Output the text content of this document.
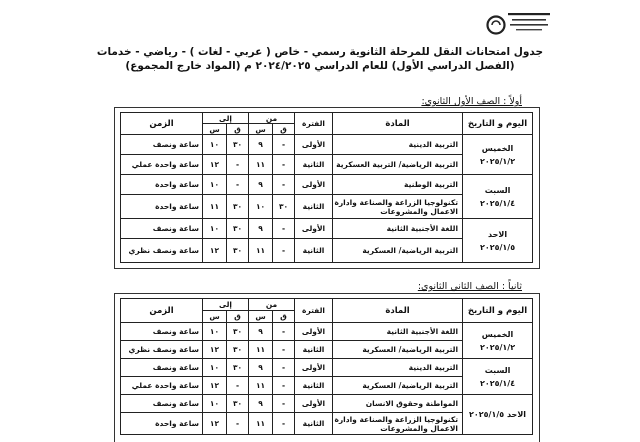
جدول امتحانات النقل للمرحلة الثانوية رسمي - خاص ( عربي - لغات ) - رياضي - خدمات
(الفصل الدراسي الأول) للعام الدراسي ٢٠٢٤/٢٠٢٥ م (المواد خارج المجموع)
أولاً : الصف الأول الثانوي:
اليوم و التاريخ	المادة	الفترة	من		إلى		الزمن
			ق	س	ق	س	
الخميس
٢٠٢٥/١/٢	التربية الدينية	الأولى	-	٩	٣٠	١٠	ساعة ونصف
	التربية الرياضية/ التربية العسكرية	الثانية	-	١١	-	١٢	ساعة واحدة عملي
السبت
٢٠٢٥/١/٤	التربية الوطنية	الأولى	-	٩	-	١٠	ساعة واحدة
	تكنولوجيا الزراعة والصناعة وادارة الاعمال والمشروعات	الثانية	٣٠	١٠	٣٠	١١	ساعة واحدة
الاحد
٢٠٢٥/١/٥	اللغة الأجنبية الثانية	الأولى	-	٩	٣٠	١٠	ساعة ونصف
	التربية الرياضية/ العسكرية	الثانية	-	١١	٣٠	١٢	ساعة ونصف نظري
ثانياً : الصف الثاني الثانوي:
اليوم و التاريخ	المادة	الفترة	من		إلى		الزمن
			ق	س	ق	س	
الخميس
٢٠٢٥/١/٢	اللغة الأجنبية الثانية	الأولى	-	٩	٣٠	١٠	ساعة ونصف
	التربية الرياضية/ العسكرية	الثانية	-	١١	٣٠	١٢	ساعة ونصف نظري
السبت
٢٠٢٥/١/٤	التربية الدينية	الأولى	-	٩	٣٠	١٠	ساعة ونصف
	التربية الرياضية/ العسكرية	الثانية	-	١١	-	١٢	ساعة واحدة عملي
الاحد ٢٠٢٥/١/٥	المواطنة وحقوق الانسان	الأولى	-	٩	٣٠	١٠	ساعة ونصف
	تكنولوجيا الزراعة والصناعة وادارة الاعمال والمشروعات	الثانية	-	١١	-	١٢	ساعة واحدة
